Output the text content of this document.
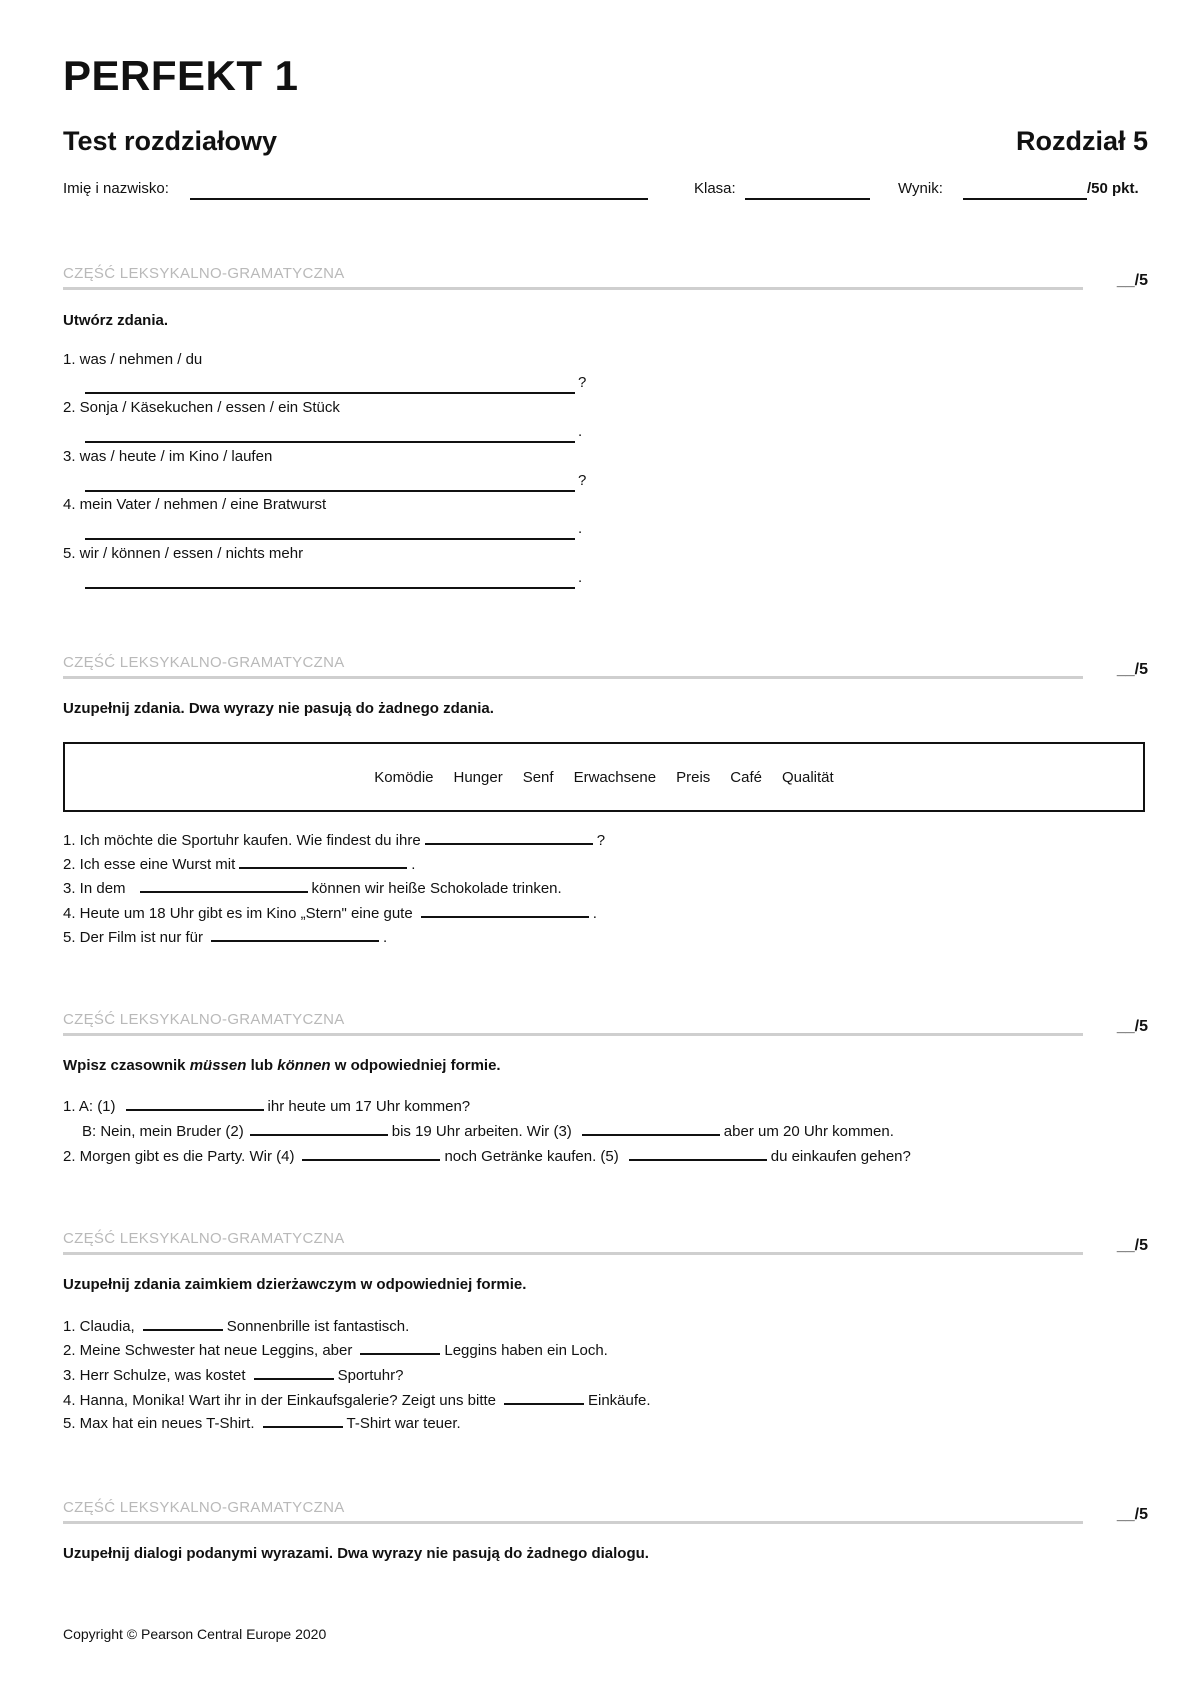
PERFEKT 1
Test rozdziałowy	Rozdział 5
Imię i nazwisko:	Klasa:	Wynik:	/50 pkt.
CZĘŚĆ LEKSYKALNO-GRAMATYCZNA	__/5
Utwórz zdania.
1. was / nehmen / du
?
2. Sonja / Käsekuchen / essen / ein Stück
.
3. was / heute / im Kino / laufen
?
4. mein Vater / nehmen / eine Bratwurst
.
5. wir / können / essen / nichts mehr
.
CZĘŚĆ LEKSYKALNO-GRAMATYCZNA	__/5
Uzupełnij zdania. Dwa wyrazy nie pasują do żadnego zdania.
Komödie Hunger Senf Erwachsene Preis Café Qualität
1. Ich möchte die Sportuhr kaufen. Wie findest du ihre	?
2. Ich esse eine Wurst mit	.
3. In dem	können wir heiße Schokolade trinken.
4. Heute um 18 Uhr gibt es im Kino „Stern" eine gute	.
5. Der Film ist nur für	.
CZĘŚĆ LEKSYKALNO-GRAMATYCZNA	__/5
Wpisz czasownik müssen lub können w odpowiedniej formie.
1. A: (1)	ihr heute um 17 Uhr kommen?
B: Nein, mein Bruder (2)	bis 19 Uhr arbeiten. Wir (3)	aber um 20 Uhr kommen.
2. Morgen gibt es die Party. Wir (4)	noch Getränke kaufen. (5)	du einkaufen gehen?
CZĘŚĆ LEKSYKALNO-GRAMATYCZNA	__/5
Uzupełnij zdania zaimkiem dzierżawczym w odpowiedniej formie.
1. Claudia,	Sonnenbrille ist fantastisch.
2. Meine Schwester hat neue Leggins, aber	Leggins haben ein Loch.
3. Herr Schulze, was kostet	Sportuhr?
4. Hanna, Monika! Wart ihr in der Einkaufsgalerie? Zeigt uns bitte	Einkäufe.
5. Max hat ein neues T-Shirt.	T-Shirt war teuer.
CZĘŚĆ LEKSYKALNO-GRAMATYCZNA	__/5
Uzupełnij dialogi podanymi wyrazami. Dwa wyrazy nie pasują do żadnego dialogu.
Copyright © Pearson Central Europe 2020
